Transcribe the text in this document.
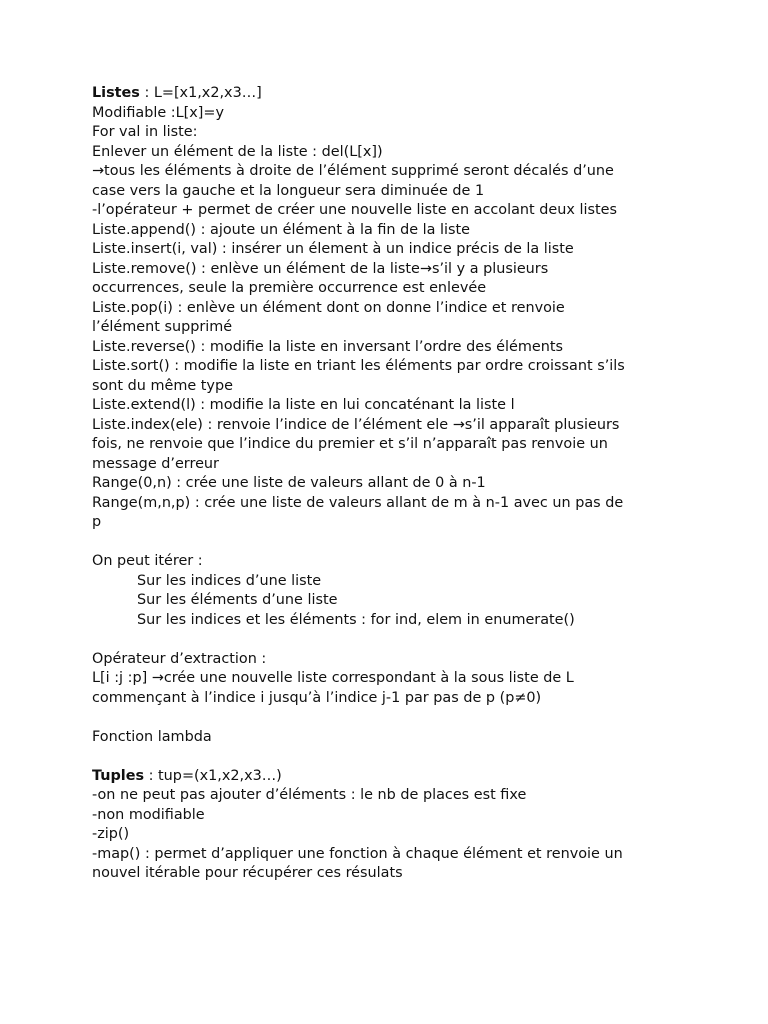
Listes : L=[x1,x2,x3…]
Modifiable :L[x]=y
For val in liste:
Enlever un élément de la liste : del(L[x])
→tous les éléments à droite de l’élément supprimé seront décalés d’une
case vers la gauche et la longueur sera diminuée de 1
-l’opérateur + permet de créer une nouvelle liste en accolant deux listes
Liste.append() : ajoute un élément à la fin de la liste
Liste.insert(i, val) : insérer un élement à un indice précis de la liste
Liste.remove() : enlève un élément de la liste→s’il y a plusieurs
occurrences, seule la première occurrence est enlevée
Liste.pop(i) : enlève un élément dont on donne l’indice et renvoie
l’élément supprimé
Liste.reverse() : modifie la liste en inversant l’ordre des éléments
Liste.sort() : modifie la liste en triant les éléments par ordre croissant s’ils
sont du même type
Liste.extend(l) : modifie la liste en lui concaténant la liste l
Liste.index(ele) : renvoie l’indice de l’élément ele →s’il apparaît plusieurs
fois, ne renvoie que l’indice du premier et s’il n’apparaît pas renvoie un
message d’erreur
Range(0,n) : crée une liste de valeurs allant de 0 à n-1
Range(m,n,p) : crée une liste de valeurs allant de m à n-1 avec un pas de
p
On peut itérer :
Sur les indices d’une liste
Sur les éléments d’une liste
Sur les indices et les éléments : for ind, elem in enumerate()
Opérateur d’extraction :
L[i :j :p] →crée une nouvelle liste correspondant à la sous liste de L
commençant à l’indice i jusqu’à l’indice j-1 par pas de p (p≠0)
Fonction lambda
Tuples : tup=(x1,x2,x3…)
-on ne peut pas ajouter d’éléments : le nb de places est fixe
-non modifiable
-zip()
-map() : permet d’appliquer une fonction à chaque élément et renvoie un
nouvel itérable pour récupérer ces résulats
